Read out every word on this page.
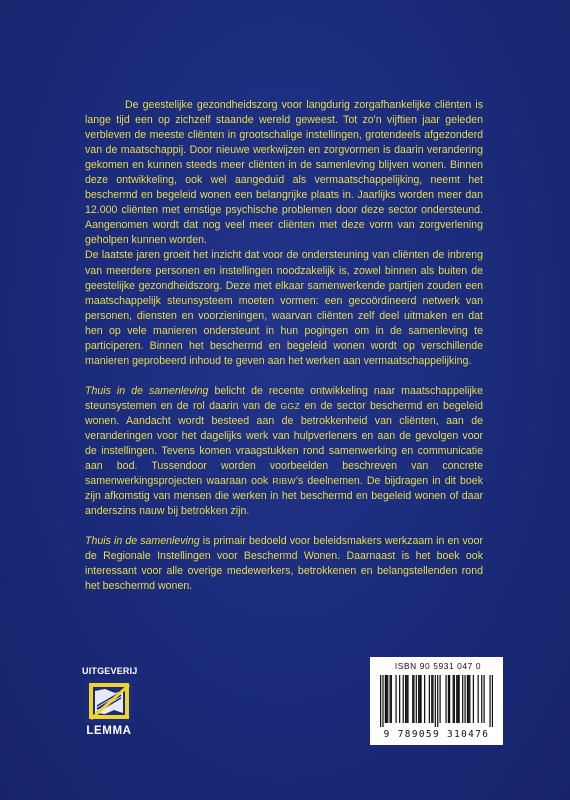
De geestelijke gezondheidszorg voor langdurig zorgafhankelijke cliënten is lange tijd een op zichzelf staande wereld geweest. Tot zo'n vijftien jaar geleden verbleven de meeste cliënten in grootschalige instellingen, grotendeels afgezonderd van de maatschappij. Door nieuwe werkwijzen en zorgvormen is daarin verandering gekomen en kunnen steeds meer cliënten in de samenleving blijven wonen. Binnen deze ontwikkeling, ook wel aangeduid als vermaatschappelijking, neemt het beschermd en begeleid wonen een belangrijke plaats in. Jaarlijks worden meer dan 12.000 cliënten met ernstige psychische problemen door deze sector ondersteund. Aangenomen wordt dat nog veel meer cliënten met deze vorm van zorgverlening geholpen kunnen worden.

De laatste jaren groeit het inzicht dat voor de ondersteuning van cliënten de inbreng van meerdere personen en instellingen noodzakelijk is, zowel binnen als buiten de geestelijke gezondheidszorg. Deze met elkaar samenwerkende partijen zouden een maatschappelijk steunsysteem moeten vormen: een gecoördineerd netwerk van personen, diensten en voorzieningen, waarvan cliënten zelf deel uitmaken en dat hen op vele manieren ondersteunt in hun pogingen om in de samenleving te participeren. Binnen het beschermd en begeleid wonen wordt op verschillende manieren geprobeerd inhoud te geven aan het werken aan vermaatschappelijking.

Thuis in de samenleving belicht de recente ontwikkeling naar maatschappelijke steunsystemen en de rol daarin van de GGZ en de sector beschermd en begeleid wonen. Aandacht wordt besteed aan de betrokkenheid van cliënten, aan de veranderingen voor het dagelijks werk van hulpverleners en aan de gevolgen voor de instellingen. Tevens komen vraagstukken rond samenwerking en communicatie aan bod. Tussendoor worden voorbeelden beschreven van concrete samenwerkingsprojecten waaraan ook RIBW's deelnemen. De bijdragen in dit boek zijn afkomstig van mensen die werken in het beschermd en begeleid wonen of daar anderszins nauw bij betrokken zijn.

Thuis in de samenleving is primair bedoeld voor beleidsmakers werkzaam in en voor de Regionale Instellingen voor Beschermd Wonen. Daarnaast is het boek ook interessant voor alle overige medewerkers, betrokkenen en belangstellenden rond het beschermd wonen.

UITGEVERIJ
LEMMA
ISBN 90 5931 047 0
9 789059 310476
